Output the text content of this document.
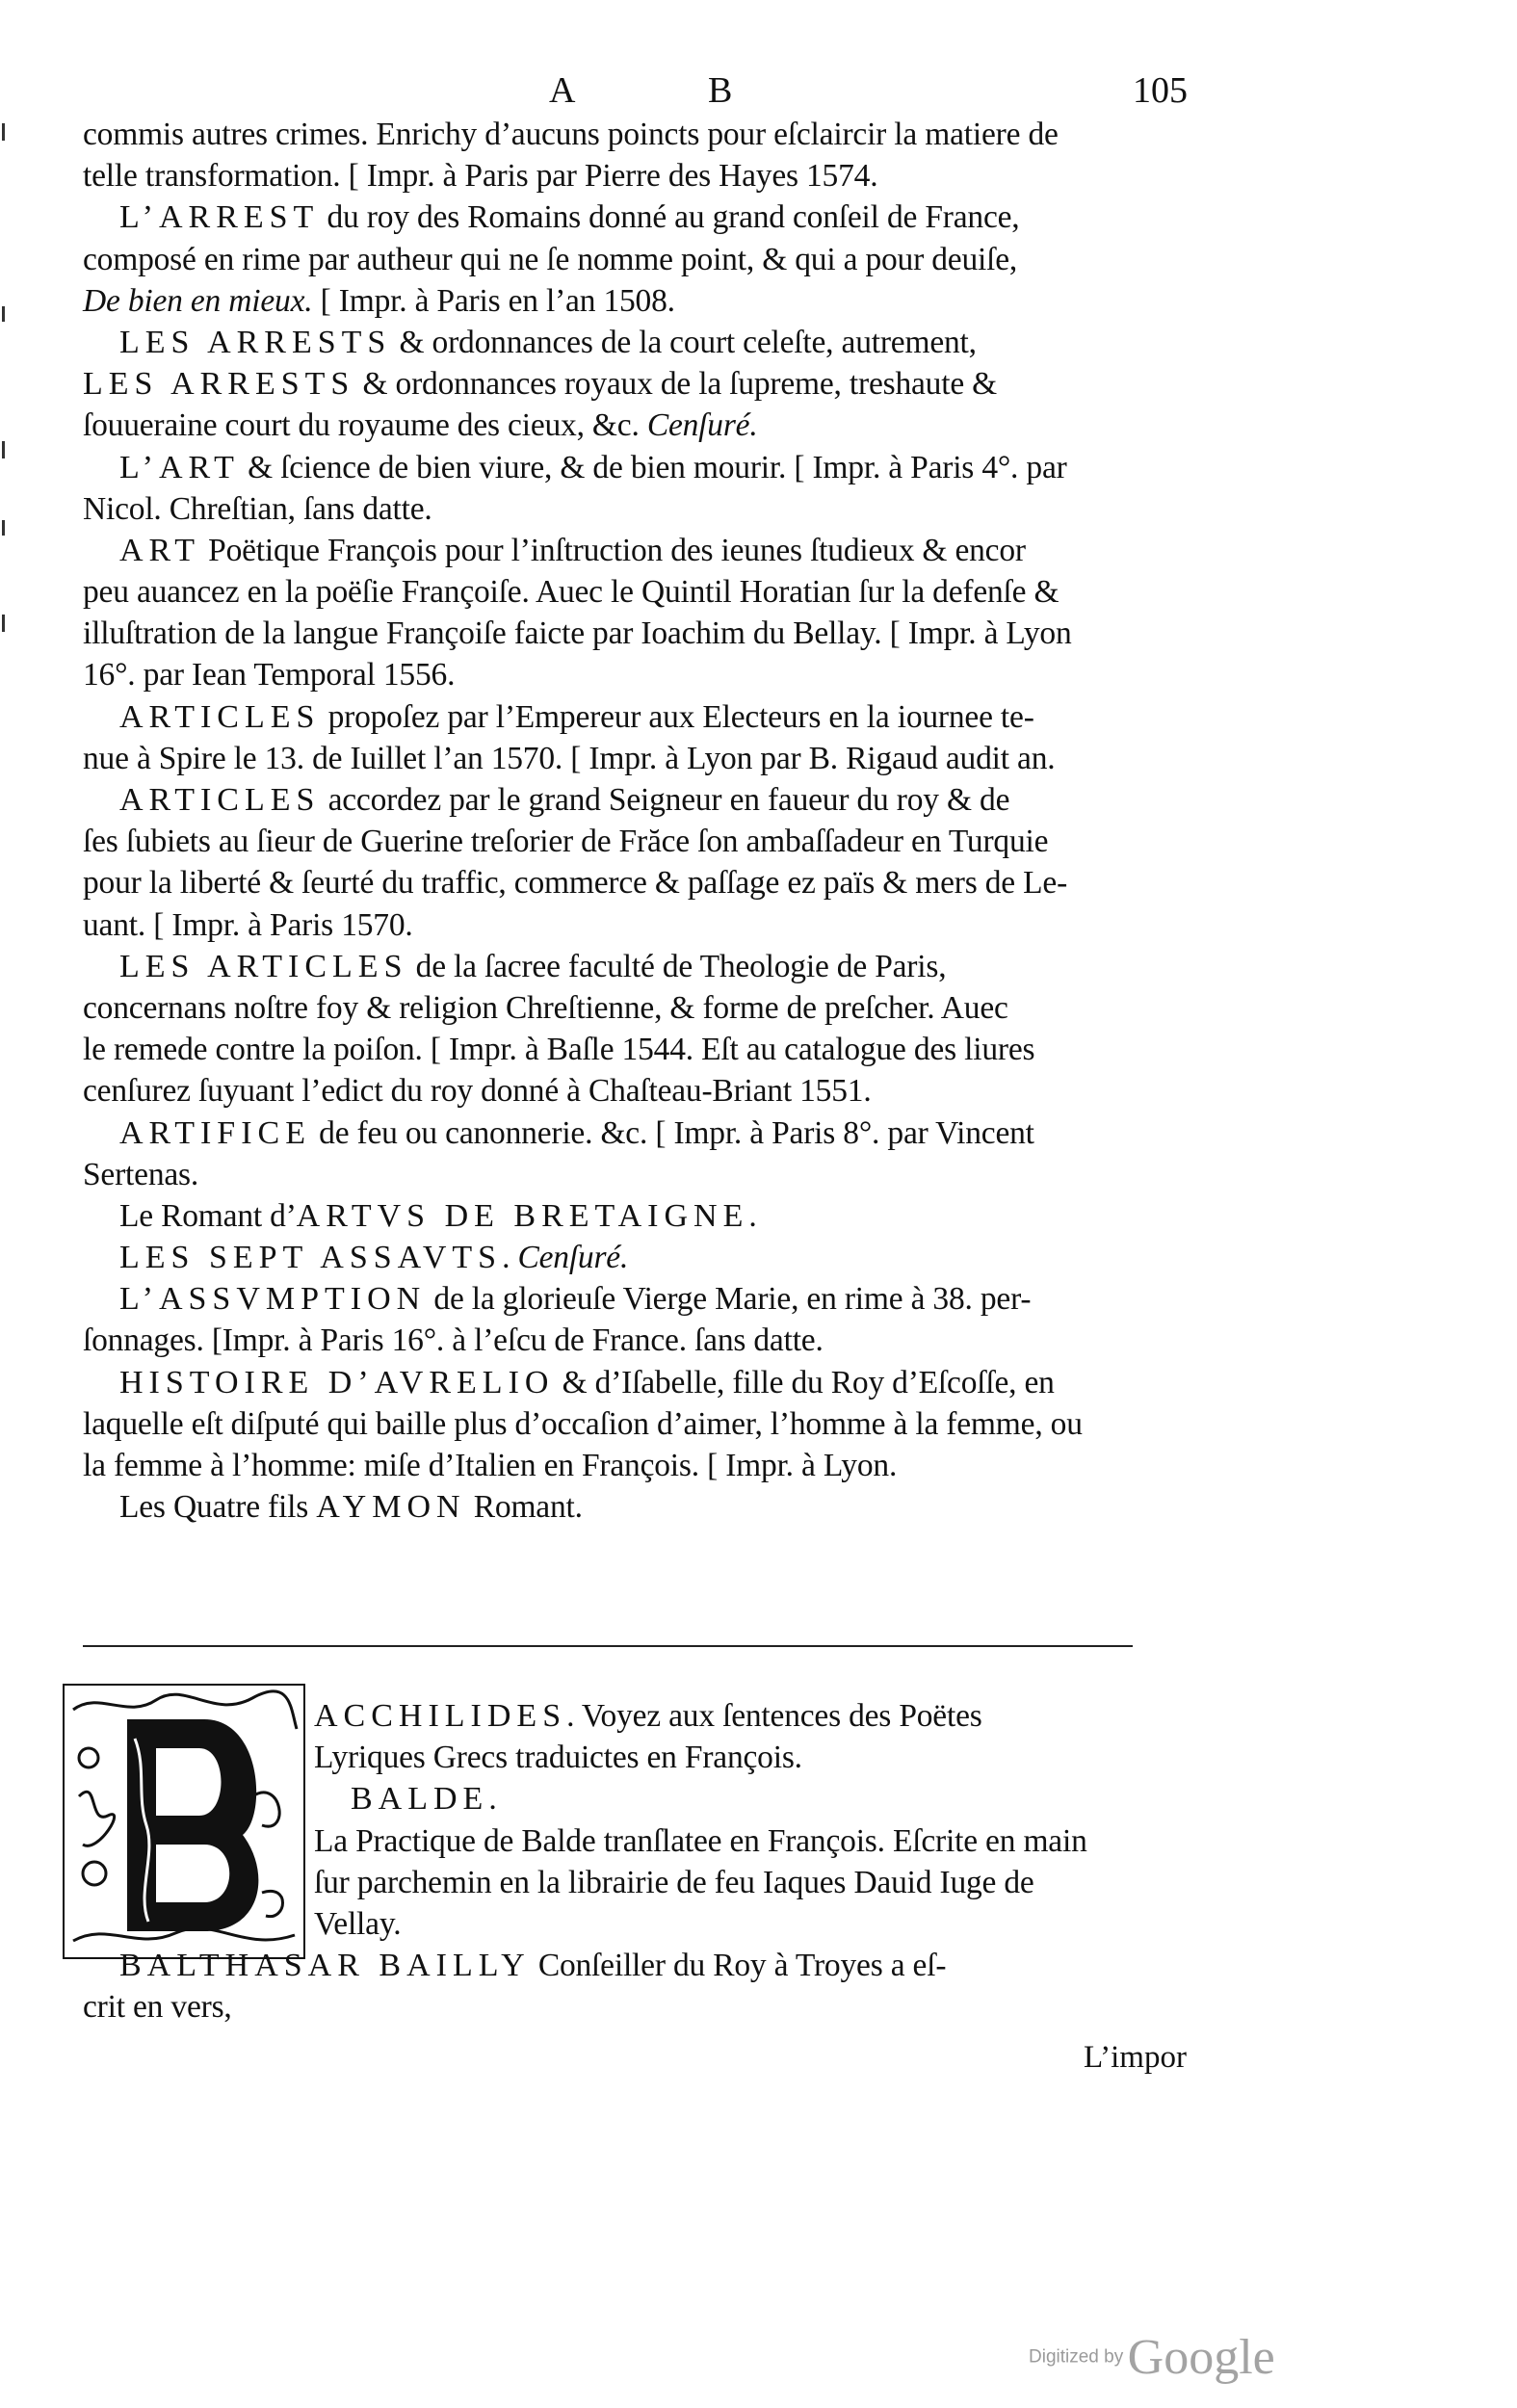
A	B	105
commis autres crimes. Enrichy d’aucuns poincts pour eſclaircir la matiere de
telle transformation. [ Impr. à Paris par Pierre des Hayes 1574.
L’ARREST du roy des Romains donné au grand conſeil de France,
composé en rime par autheur qui ne ſe nomme point, & qui a pour deuiſe,
De bien en mieux. [ Impr. à Paris en l’an 1508.
LES ARRESTS & ordonnances de la court celeſte, autrement,
LES ARRESTS & ordonnances royaux de la ſupreme, treshaute &
ſouueraine court du royaume des cieux, &c. Cenſuré.
L’ART & ſcience de bien viure, & de bien mourir. [ Impr. à Paris 4°. par
Nicol. Chreſtian, ſans datte.
ART Poëtique François pour l’inſtruction des ieunes ſtudieux & encor
peu auancez en la poëſie Françoiſe. Auec le Quintil Horatian ſur la defenſe &
illuſtration de la langue Françoiſe faicte par Ioachim du Bellay. [ Impr. à Lyon
16°. par Iean Temporal 1556.
ARTICLES propoſez par l’Empereur aux Electeurs en la iournee te-
nue à Spire le 13. de Iuillet l’an 1570. [ Impr. à Lyon par B. Rigaud audit an.
ARTICLES accordez par le grand Seigneur en faueur du roy & de
ſes ſubiets au ſieur de Guerine treſorier de Frăce ſon ambaſſadeur en Turquie
pour la liberté & ſeurté du traffic, commerce & paſſage ez païs & mers de Le-
uant. [ Impr. à Paris 1570.
LES ARTICLES de la ſacree faculté de Theologie de Paris,
concernans noſtre foy & religion Chreſtienne, & forme de preſcher. Auec
le remede contre la poiſon. [ Impr. à Baſle 1544. Eſt au catalogue des liures
cenſurez ſuyuant l’edict du roy donné à Chaſteau-Briant 1551.
ARTIFICE de feu ou canonnerie. &c. [ Impr. à Paris 8°. par Vincent
Sertenas.
Le Romant d’ARTVS DE BRETAIGNE.
LES SEPT ASSAVTS. Cenſuré.
L’ASSVMPTION de la glorieuſe Vierge Marie, en rime à 38. per-
ſonnages. [Impr. à Paris 16°. à l’eſcu de France. ſans datte.
HISTOIRE D’AVRELIO & d’Iſabelle, fille du Roy d’Eſcoſſe, en
laquelle eſt diſputé qui baille plus d’occaſion d’aimer, l’homme à la femme, ou
la femme à l’homme: miſe d’Italien en François. [ Impr. à Lyon.
Les Quatre fils AYMON Romant.
ACCHILIDES. Voyez aux ſentences des Poëtes
Lyriques Grecs traduictes en François.
BALDE.
La Practique de Balde tranſlatee en François. Eſcrite en main
ſur parchemin en la librairie de feu Iaques Dauid Iuge de
Vellay.
BALTHASAR BAILLY Conſeiller du Roy à Troyes a eſ-
crit en vers,
L’impor
Digitized by Google
